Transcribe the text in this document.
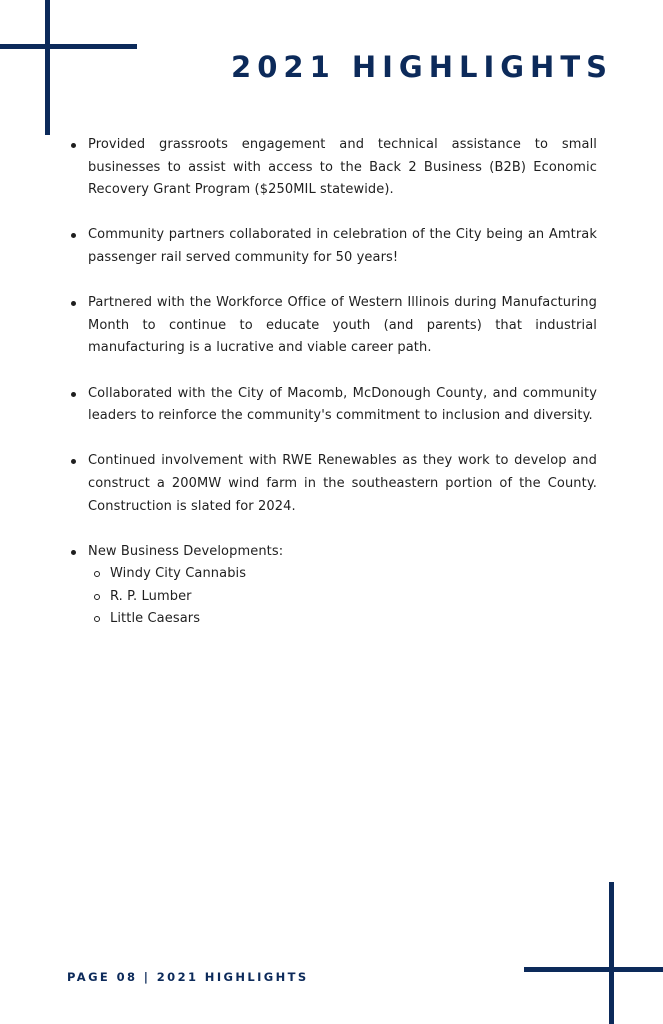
2021 HIGHLIGHTS
Provided grassroots engagement and technical assistance to small businesses to assist with access to the Back 2 Business (B2B) Economic Recovery Grant Program ($250MIL statewide).
Community partners collaborated in celebration of the City being an Amtrak passenger rail served community for 50 years!
Partnered with the Workforce Office of Western Illinois during Manufacturing Month to continue to educate youth (and parents) that industrial manufacturing is a lucrative and viable career path.
Collaborated with the City of Macomb, McDonough County, and community leaders to reinforce the community's commitment to inclusion and diversity.
Continued involvement with RWE Renewables as they work to develop and construct a 200MW wind farm in the southeastern portion of the County. Construction is slated for 2024.
New Business Developments:
Windy City Cannabis
R. P. Lumber
Little Caesars
PAGE 08 | 2021 HIGHLIGHTS
